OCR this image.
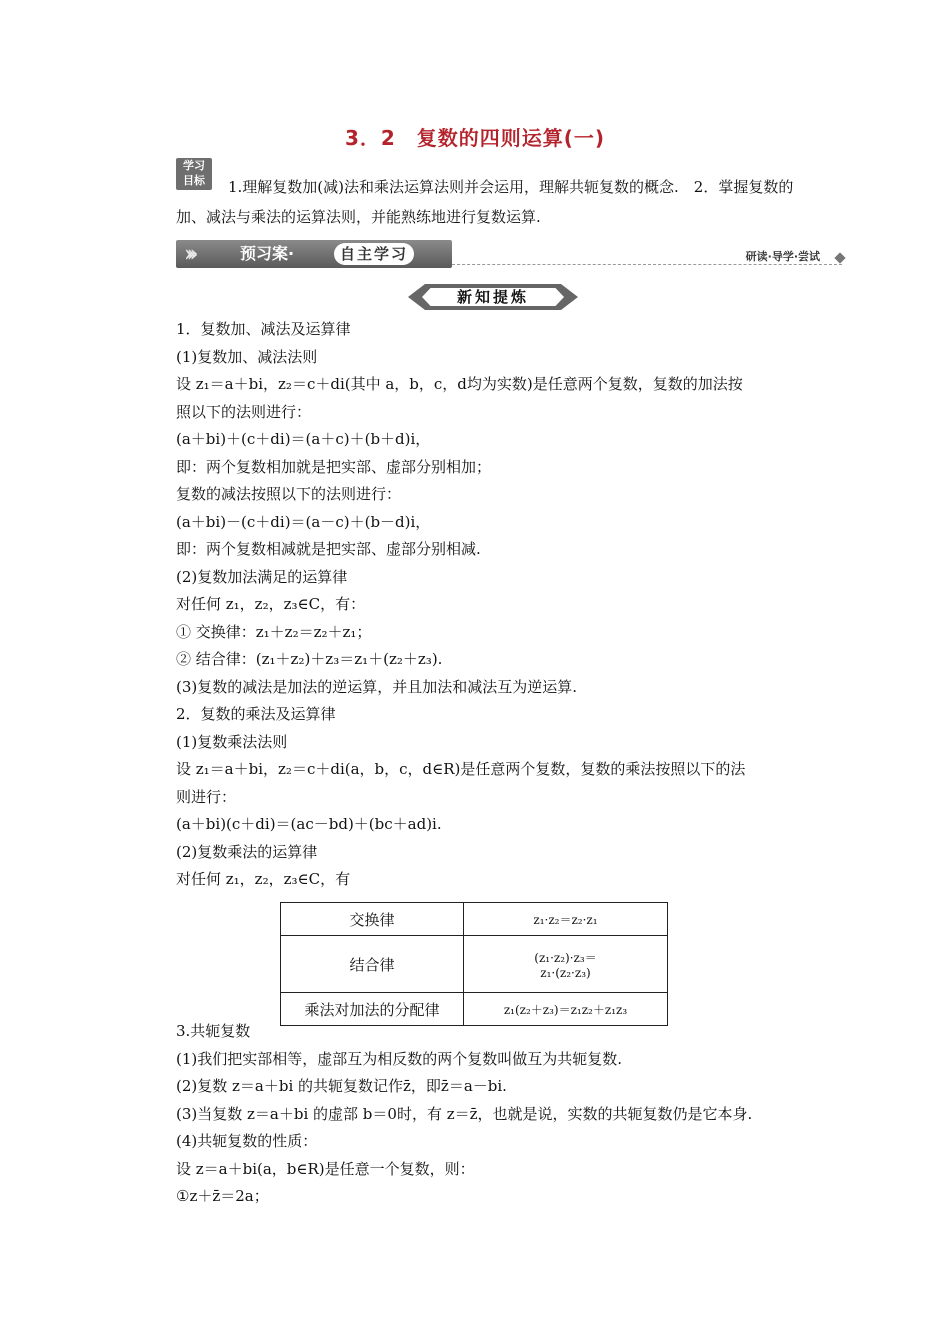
3．2　复数的四则运算(一)
学习
目标	1.理解复数加(减)法和乘法运算法则并会运用，理解共轭复数的概念.　2．掌握复数的加、减法与乘法的运算法则，并能熟练地进行复数运算.
›››	预习案·	自主学习	研读·导学·尝试
新知提炼
1．复数加、减法及运算律
(1)复数加、减法法则
设 z₁＝a＋bi，z₂＝c＋di(其中 a，b，c，d均为实数)是任意两个复数，复数的加法按
照以下的法则进行：
(a＋bi)＋(c＋di)＝(a＋c)＋(b＋d)i，
即：两个复数相加就是把实部、虚部分别相加；
复数的减法按照以下的法则进行：
(a＋bi)－(c＋di)＝(a－c)＋(b－d)i，
即：两个复数相减就是把实部、虚部分别相减.
(2)复数加法满足的运算律
对任何 z₁，z₂，z₃∈C，有：
① 交换律：z₁＋z₂＝z₂＋z₁；
② 结合律：(z₁＋z₂)＋z₃＝z₁＋(z₂＋z₃).
(3)复数的减法是加法的逆运算，并且加法和减法互为逆运算.
2．复数的乘法及运算律
(1)复数乘法法则
设 z₁＝a＋bi，z₂＝c＋di(a，b，c，d∈R)是任意两个复数，复数的乘法按照以下的法
则进行：
(a＋bi)(c＋di)＝(ac－bd)＋(bc＋ad)i.
(2)复数乘法的运算律
对任何 z₁，z₂，z₃∈C，有
交换律	z₁·z₂＝z₂·z₁
结合律	(z₁·z₂)·z₃＝
z₁·(z₂·z₃)

乘法对加法的分配律	z₁(z₂＋z₃)＝z₁z₂＋z₁z₃
3.共轭复数
(1)我们把实部相等，虚部互为相反数的两个复数叫做互为共轭复数.
(2)复数 z＝a＋bi 的共轭复数记作z̄，即z̄＝a－bi.
(3)当复数 z＝a＋bi 的虚部 b＝0时，有 z＝z̄，也就是说，实数的共轭复数仍是它本身.
(4)共轭复数的性质：
设 z＝a＋bi(a，b∈R)是任意一个复数，则：
①z＋z̄＝2a；
